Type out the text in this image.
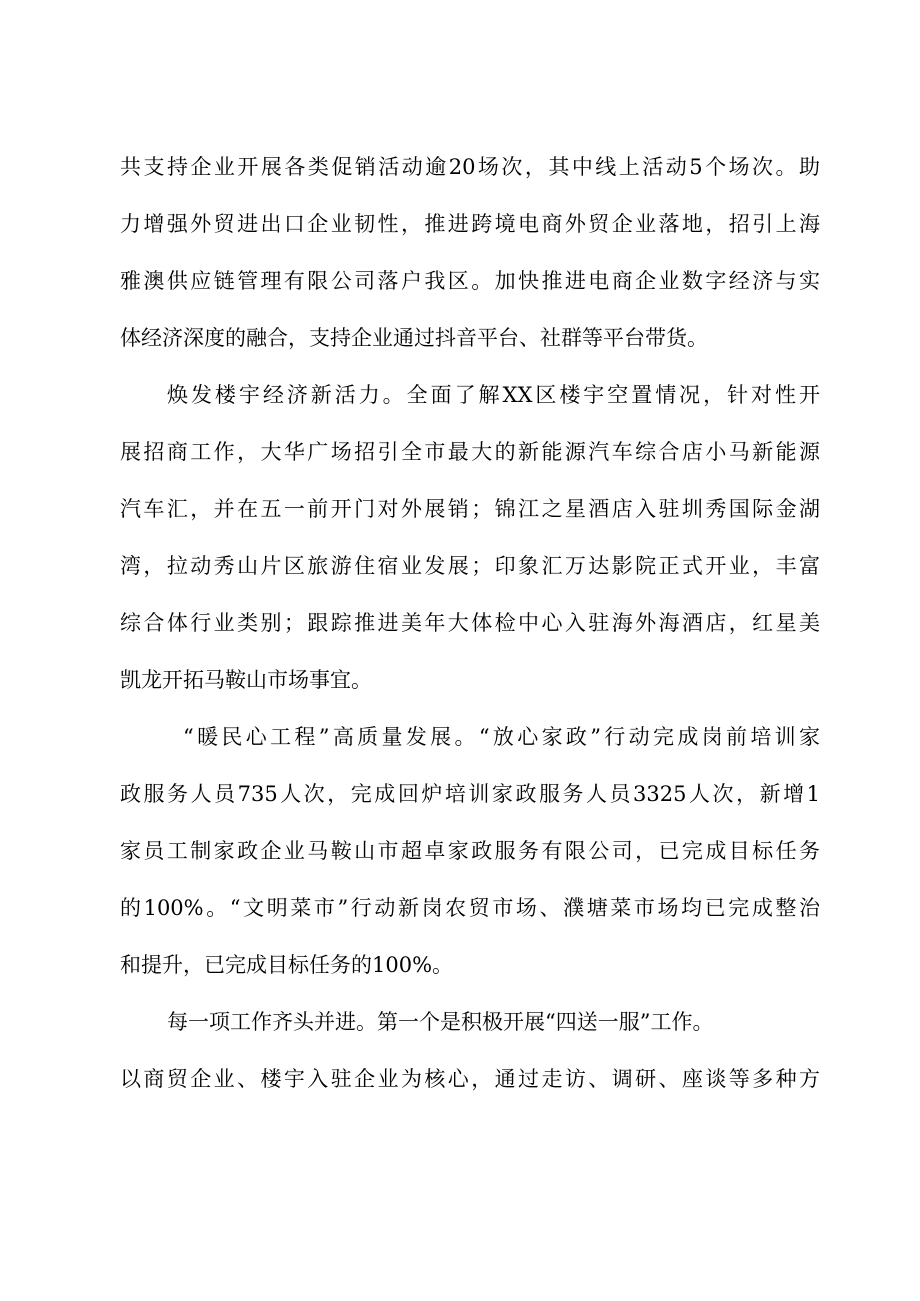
共支持企业开展各类促销活动逾20场次，其中线上活动5个场次。助
力增强外贸进出口企业韧性，推进跨境电商外贸企业落地，招引上海
雅澳供应链管理有限公司落户我区。加快推进电商企业数字经济与实
体经济深度的融合，支持企业通过抖音平台、社群等平台带货。
焕发楼宇经济新活力。全面了解XX区楼宇空置情况，针对性开
展招商工作，大华广场招引全市最大的新能源汽车综合店小马新能源
汽车汇，并在五一前开门对外展销；锦江之星酒店入驻圳秀国际金湖
湾，拉动秀山片区旅游住宿业发展；印象汇万达影院正式开业，丰富
综合体行业类别；跟踪推进美年大体检中心入驻海外海酒店，红星美
凯龙开拓马鞍山市场事宜。
“暖民心工程”高质量发展。“放心家政”行动完成岗前培训家
政服务人员735人次，完成回炉培训家政服务人员3325人次，新增1
家员工制家政企业马鞍山市超卓家政服务有限公司，已完成目标任务
的100%。“文明菜市”行动新岗农贸市场、濮塘菜市场均已完成整治
和提升，已完成目标任务的100%。
每一项工作齐头并进。第一个是积极开展“四送一服”工作。
以商贸企业、楼宇入驻企业为核心，通过走访、调研、座谈等多种方
